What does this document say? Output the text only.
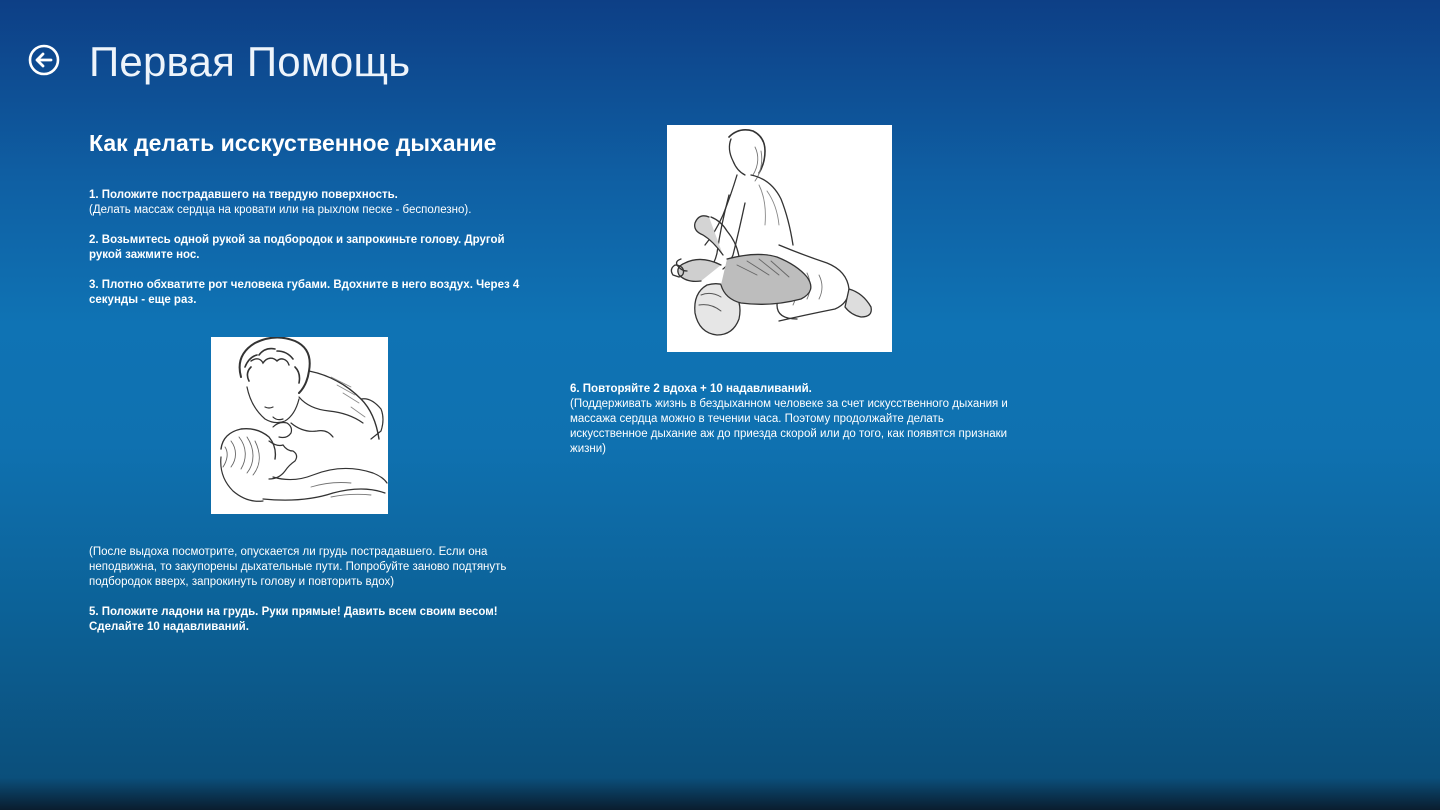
Первая Помощь
Как делать исскуственное дыхание
1. Положите пострадавшего на твердую поверхность.
(Делать массаж сердца на кровати или на рыхлом песке - бесполезно).
2. Возьмитесь одной рукой за подбородок и запрокиньте голову. Другой
рукой зажмите нос.
3. Плотно обхватите рот человека губами. Вдохните в него воздух. Через 4
секунды - еще раз.
(После выдоха посмотрите, опускается ли грудь пострадавшего. Если она
неподвижна, то закупорены дыхательные пути. Попробуйте заново подтянуть
подбородок вверх, запрокинуть голову и повторить вдох)
5. Положите ладони на грудь. Руки прямые! Давить всем своим весом!
Сделайте 10 надавливаний.
6. Повторяйте 2 вдоха + 10 надавливаний.
(Поддерживать жизнь в бездыханном человеке за счет искусственного дыхания и
массажа сердца можно в течении часа. Поэтому продолжайте делать
искусственное дыхание аж до приезда скорой или до того, как появятся признаки
жизни)
